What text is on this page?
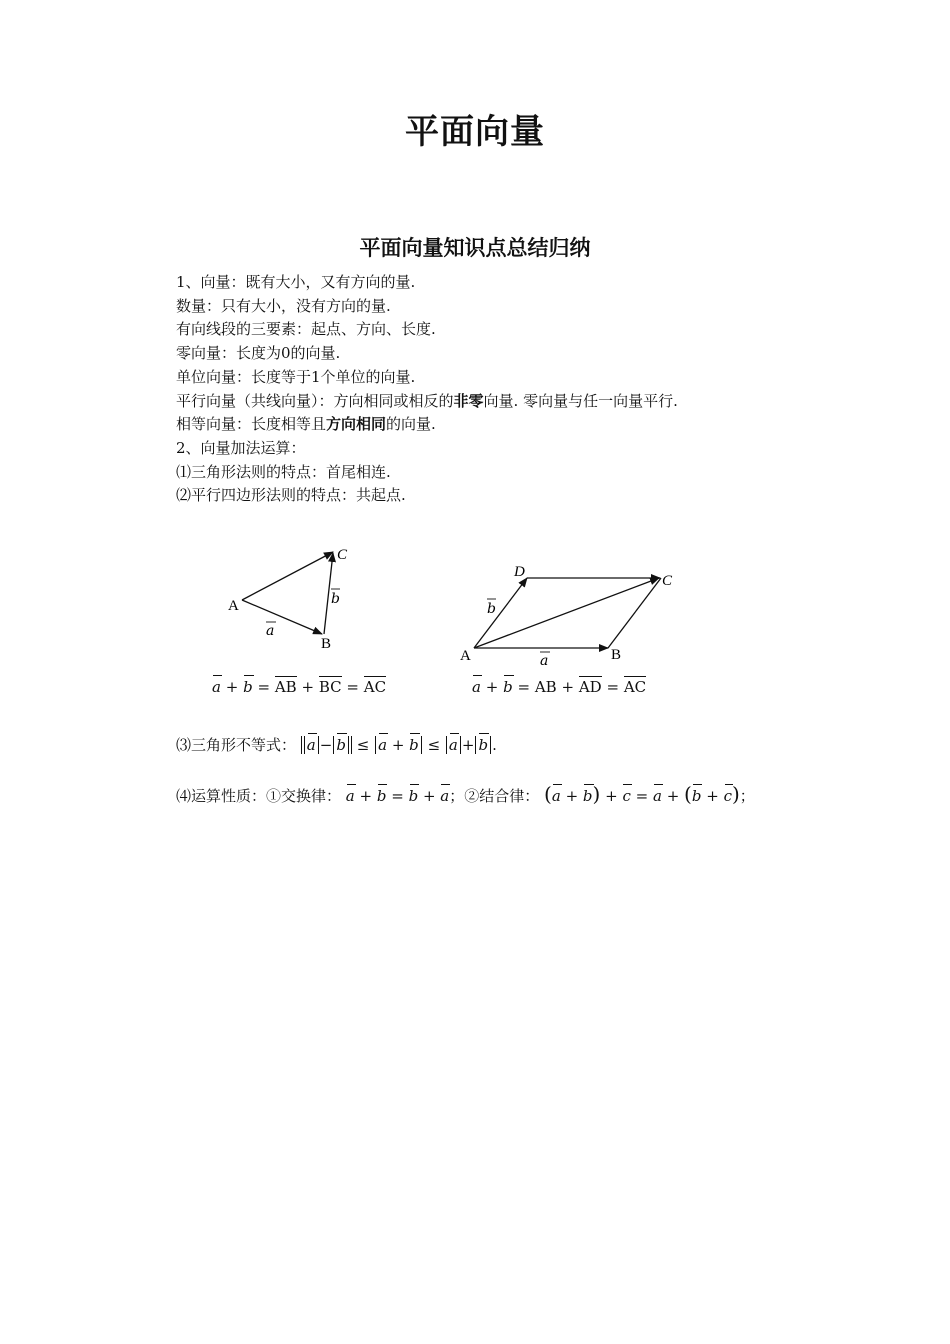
平面向量
平面向量知识点总结归纳
1、向量：既有大小，又有方向的量.
数量：只有大小，没有方向的量.
有向线段的三要素：起点、方向、长度.
零向量：长度为0的向量.
单位向量：长度等于1个单位的向量.
平行向量（共线向量）：方向相同或相反的非零向量. 零向量与任一向量平行.
相等向量：长度相等且方向相同的向量.
2、向量加法运算：
⑴三角形法则的特点：首尾相连.
⑵平行四边形法则的特点：共起点.
A
B
C
a
b
A	B
C
D
a
b
a + b = AB + BC = AC	a + b = AB + AD = AC
⑶三角形不等式： a − b ≤ a + b ≤ a + b .
⑷运算性质：①交换律： a + b = b + a；②结合律： (a + b) + c = a + (b + c)；
